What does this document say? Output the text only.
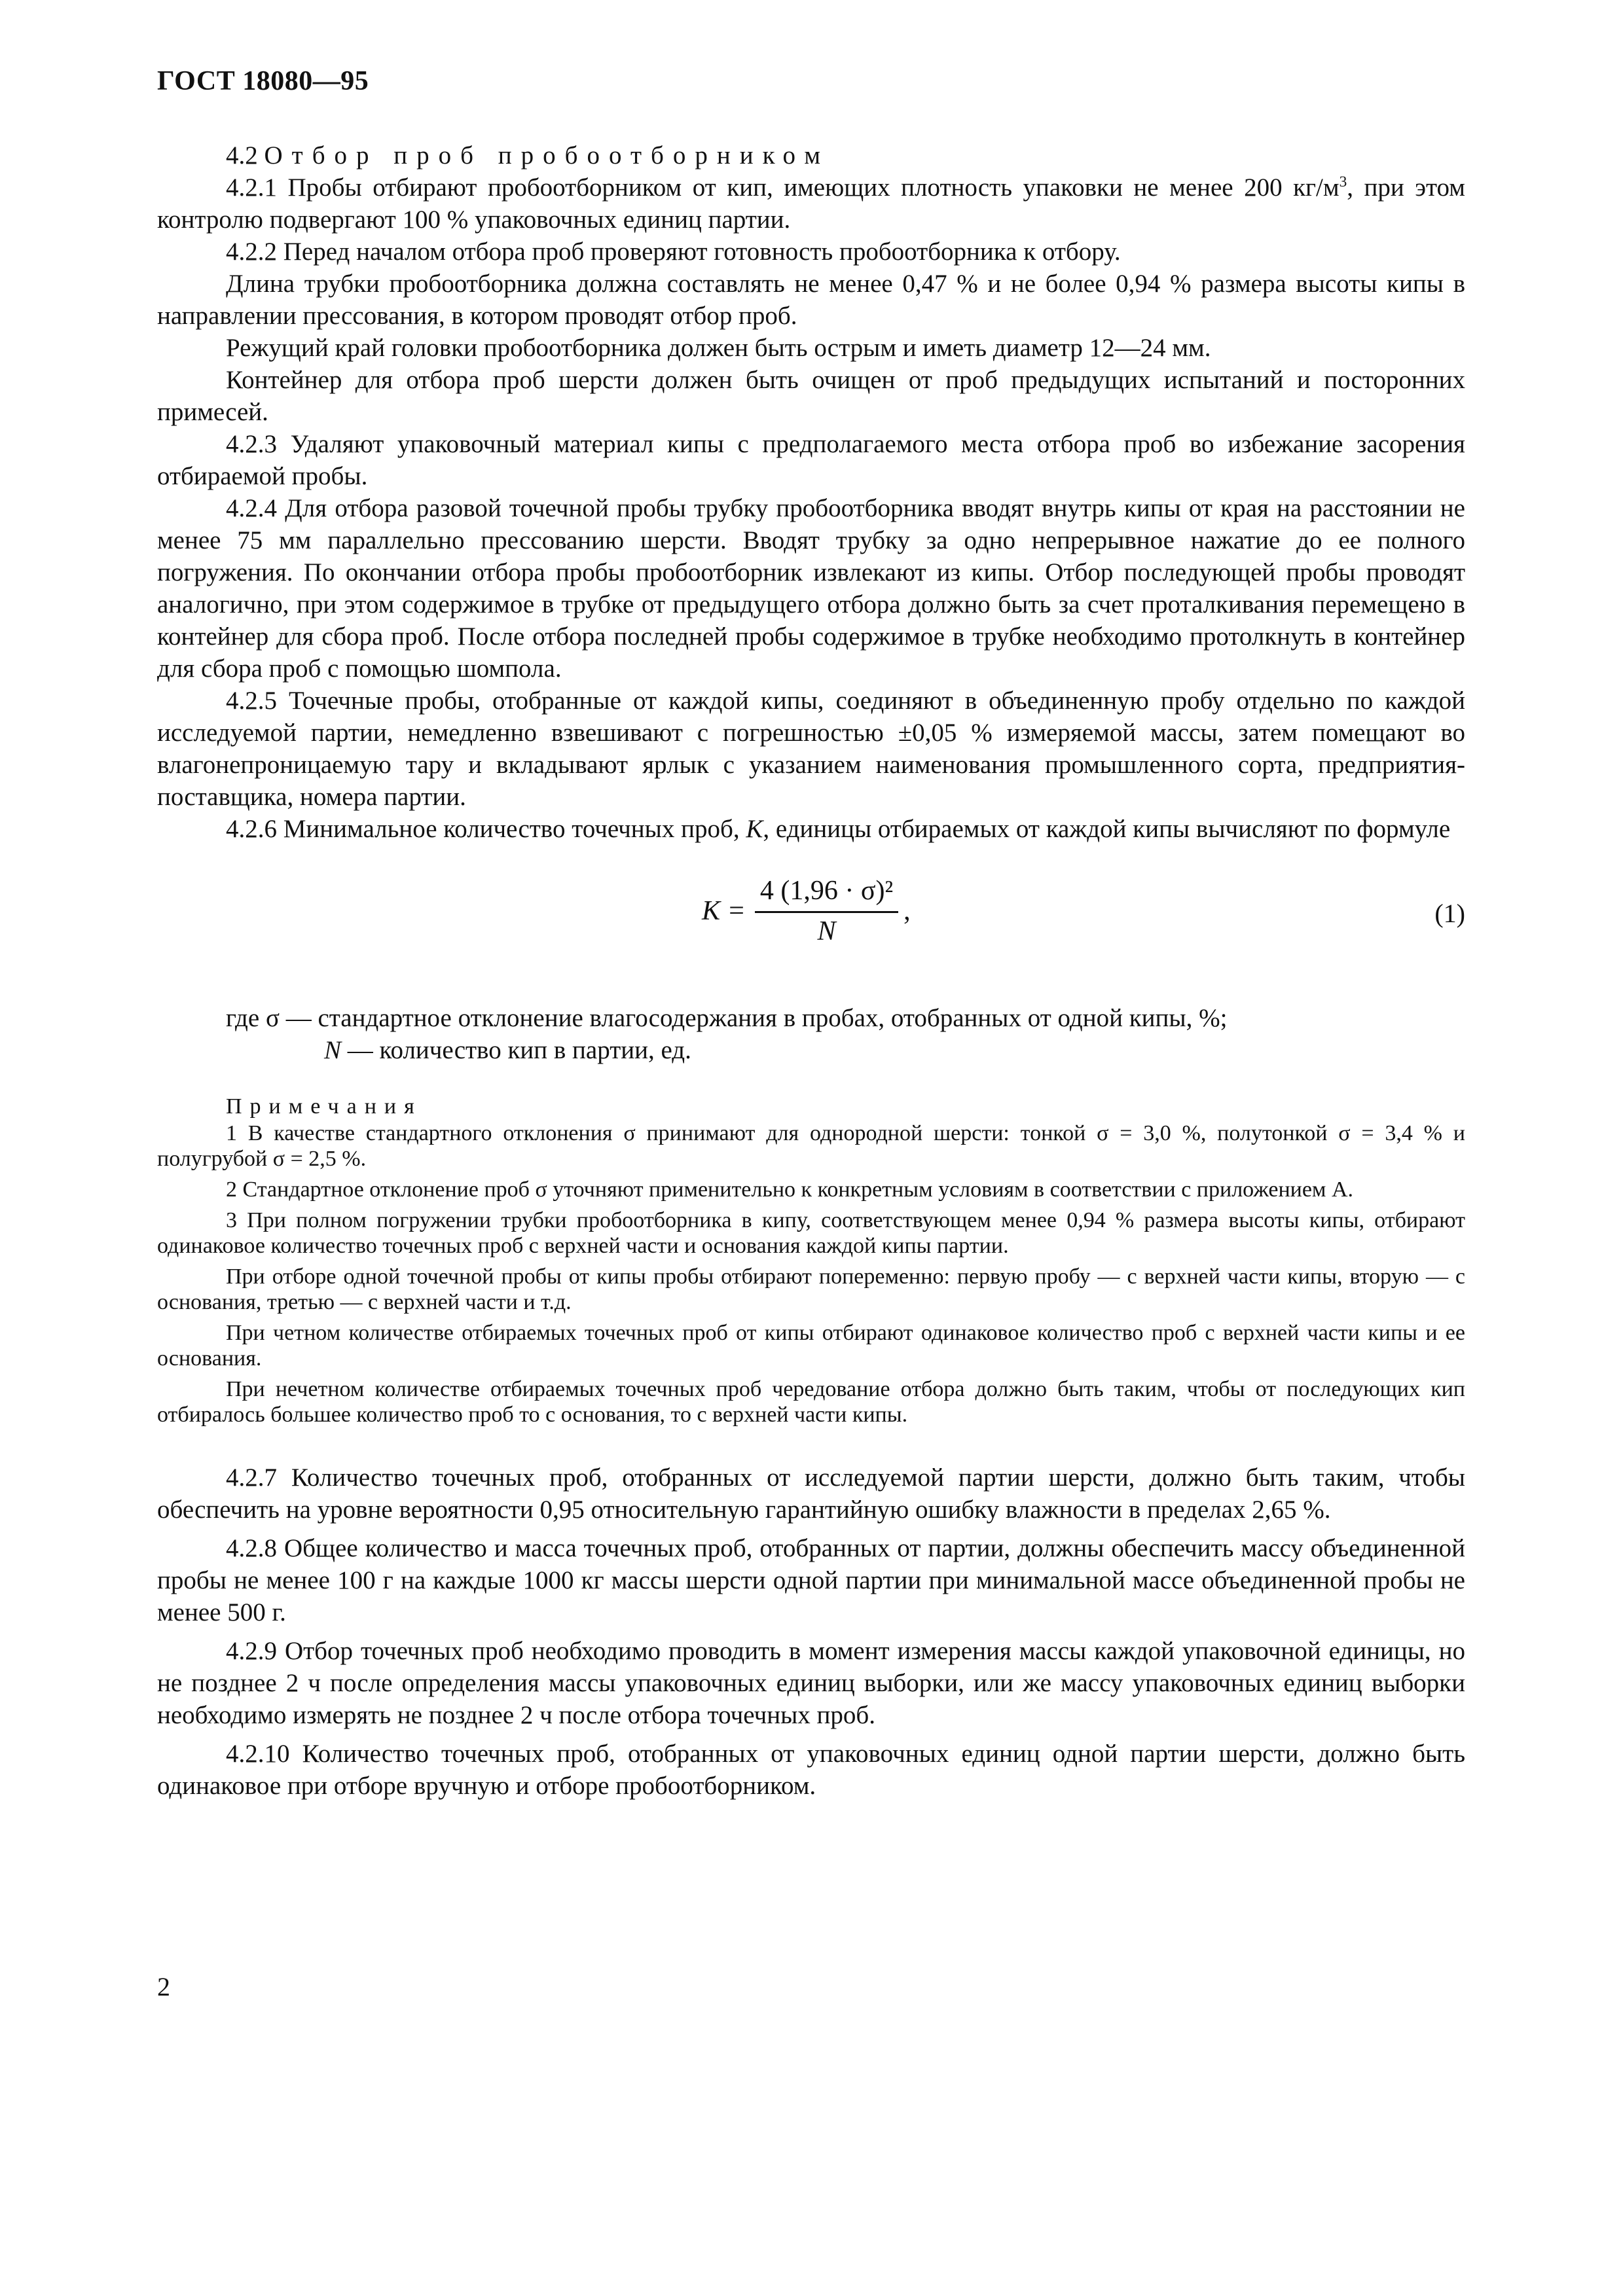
ГОСТ 18080—95

4.2 Отбор проб пробоотборником

4.2.1 Пробы отбирают пробоотборником от кип, имеющих плотность упаковки не менее 200 $кг/м^3$, при этом контролю подвергают 100 % упаковочных единиц партии.

4.2.2 Перед началом отбора проб проверяют готовность пробоотборника к отбору.

Длина трубки пробоотборника должна составлять не менее 0,47 % и не более 0,94 % размера высоты кипы в направлении прессования, в котором проводят отбор проб.

Режущий край головки пробоотборника должен быть острым и иметь диаметр 12—24 мм.

Контейнер для отбора проб шерсти должен быть очищен от проб предыдущих испытаний и посторонних примесей.

4.2.3 Удаляют упаковочный материал кипы с предполагаемого места отбора проб во избежание засорения отбираемой пробы.

4.2.4 Для отбора разовой точечной пробы трубку пробоотборника вводят внутрь кипы от края на расстоянии не менее 75 мм параллельно прессованию шерсти. Вводят трубку за одно непрерывное нажатие до ее полного погружения. По окончании отбора пробы пробоотборник извлекают из кипы. Отбор последующей пробы проводят аналогично, при этом содержимое в трубке от предыдущего отбора должно быть за счет проталкивания перемещено в контейнер для сбора проб. После отбора последней пробы содержимое в трубке необходимо протолкнуть в контейнер для сбора проб с помощью шомпола.

4.2.5 Точечные пробы, отобранные от каждой кипы, соединяют в объединенную пробу отдельно по каждой исследуемой партии, немедленно взвешивают с погрешностью ±0,05 % измеряемой массы, затем помещают во влагонепроницаемую тару и вкладывают ярлык с указанием наименования промышленного сорта, предприятия-поставщика, номера партии.

4.2.6 Минимальное количество точечных проб, K, единицы отбираемых от каждой кипы вычисляют по формуле

$K = \frac{\text{4 (1,96 · σ)²}}{N}$ ,	(1)

где σ — стандартное отклонение влагосодержания в пробах, отобранных от одной кипы, %;

N — количество кип в партии, ед.

Примечания

1 В качестве стандартного отклонения σ принимают для однородной шерсти: тонкой σ = 3,0 %, полутонкой σ = 3,4 % и полугрубой σ = 2,5 %.

2 Стандартное отклонение проб σ уточняют применительно к конкретным условиям в соответствии с приложением А.

3 При полном погружении трубки пробоотборника в кипу, соответствующем менее 0,94 % размера высоты кипы, отбирают одинаковое количество точечных проб с верхней части и основания каждой кипы партии.

При отборе одной точечной пробы от кипы пробы отбирают попеременно: первую пробу — с верхней части кипы, вторую — с основания, третью — с верхней части и т.д.

При четном количестве отбираемых точечных проб от кипы отбирают одинаковое количество проб с верхней части кипы и ее основания.

При нечетном количестве отбираемых точечных проб чередование отбора должно быть таким, чтобы от последующих кип отбиралось большее количество проб то с основания, то с верхней части кипы.

4.2.7 Количество точечных проб, отобранных от исследуемой партии шерсти, должно быть таким, чтобы обеспечить на уровне вероятности 0,95 относительную гарантийную ошибку влажности в пределах 2,65 %.

4.2.8 Общее количество и масса точечных проб, отобранных от партии, должны обеспечить массу объединенной пробы не менее 100 г на каждые 1000 кг массы шерсти одной партии при минимальной массе объединенной пробы не менее 500 г.

4.2.9 Отбор точечных проб необходимо проводить в момент измерения массы каждой упаковочной единицы, но не позднее 2 ч после определения массы упаковочных единиц выборки, или же массу упаковочных единиц выборки необходимо измерять не позднее 2 ч после отбора точечных проб.

4.2.10 Количество точечных проб, отобранных от упаковочных единиц одной партии шерсти, должно быть одинаковое при отборе вручную и отборе пробоотборником.

2
